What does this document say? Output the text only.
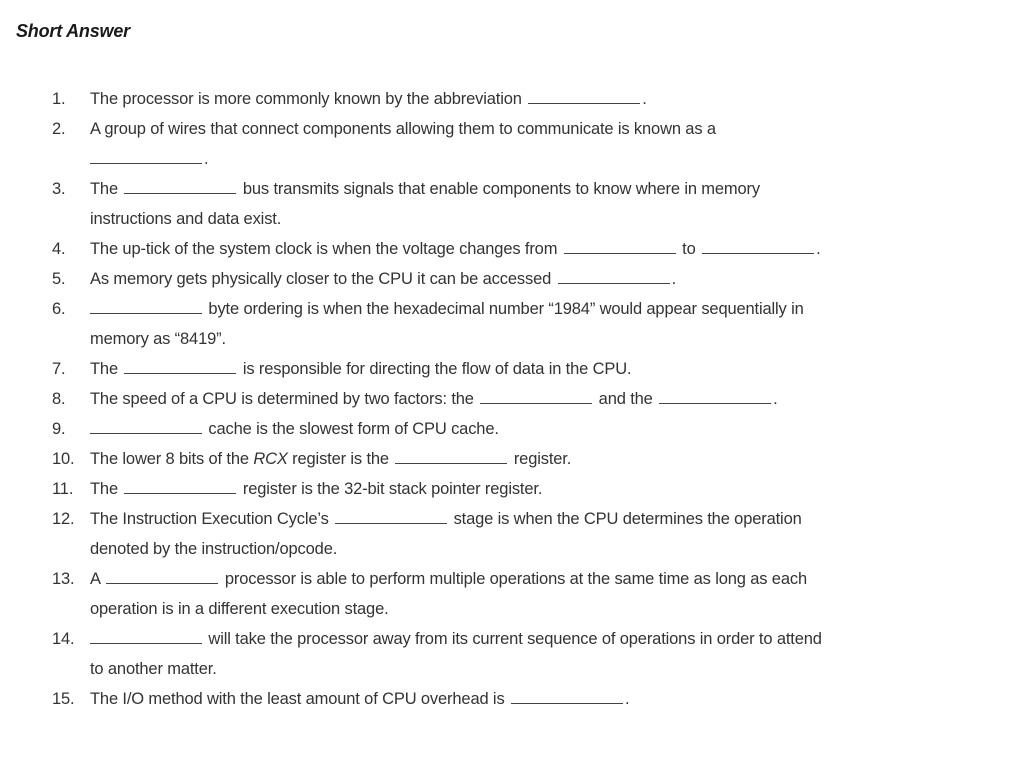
Short Answer
1.	The processor is more commonly known by the abbreviation	.
2.	A group of wires that connect components allowing them to communicate is known as a
.
3.	The	bus transmits signals that enable components to know where in memory
instructions and data exist.
4.	The up-tick of the system clock is when the voltage changes from	to	.
5.	As memory gets physically closer to the CPU it can be accessed	.
6.	byte ordering is when the hexadecimal number “1984” would appear sequentially in
memory as “8419”.
7.	The	is responsible for directing the flow of data in the CPU.
8.	The speed of a CPU is determined by two factors: the	and the	.
9.	cache is the slowest form of CPU cache.
10. The lower 8 bits of the RCX register is the	register.
11.	The	register is the 32-bit stack pointer register.
12. The Instruction Execution Cycle’s	stage is when the CPU determines the operation
denoted by the instruction/opcode.
13. A	processor is able to perform multiple operations at the same time as long as each
operation is in a different execution stage.
14.	will take the processor away from its current sequence of operations in order to attend
to another matter.
15. The I/O method with the least amount of CPU overhead is	.
